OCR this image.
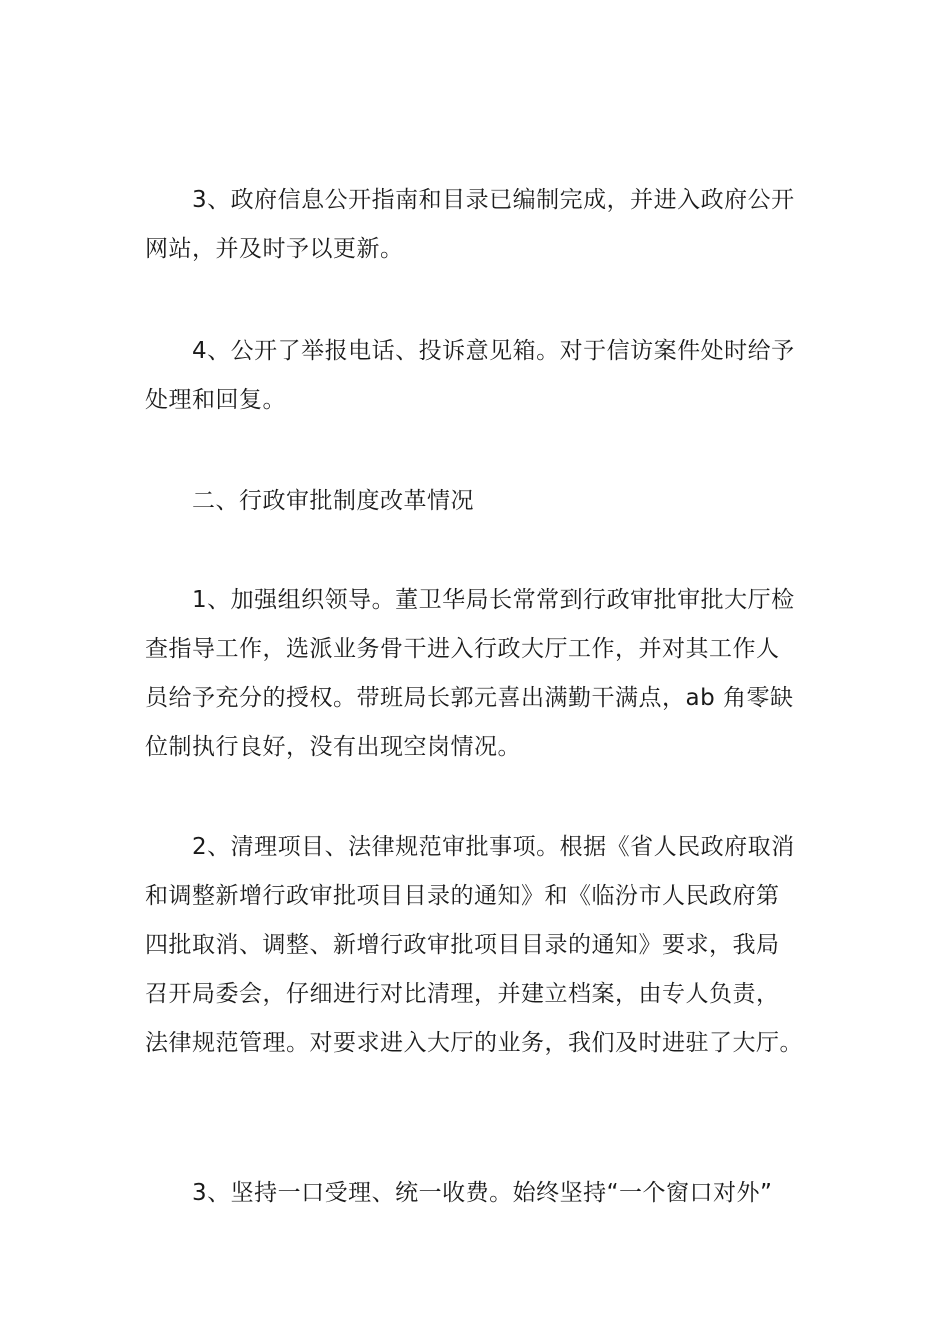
3、政府信息公开指南和目录已编制完成，并进入政府公开
网站，并及时予以更新。
4、公开了举报电话、投诉意见箱。对于信访案件处时给予
处理和回复。
二、行政审批制度改革情况
1、加强组织领导。董卫华局长常常到行政审批审批大厅检
查指导工作，选派业务骨干进入行政大厅工作，并对其工作人
员给予充分的授权。带班局长郭元喜出满勤干满点，ab 角零缺
位制执行良好，没有出现空岗情况。
2、清理项目、法律规范审批事项。根据《省人民政府取消
和调整新增行政审批项目目录的通知》和《临汾市人民政府第
四批取消、调整、新增行政审批项目目录的通知》要求，我局
召开局委会，仔细进行对比清理，并建立档案，由专人负责，
法律规范管理。对要求进入大厅的业务，我们及时进驻了大厅。
3、坚持一口受理、统一收费。始终坚持“一个窗口对外”
